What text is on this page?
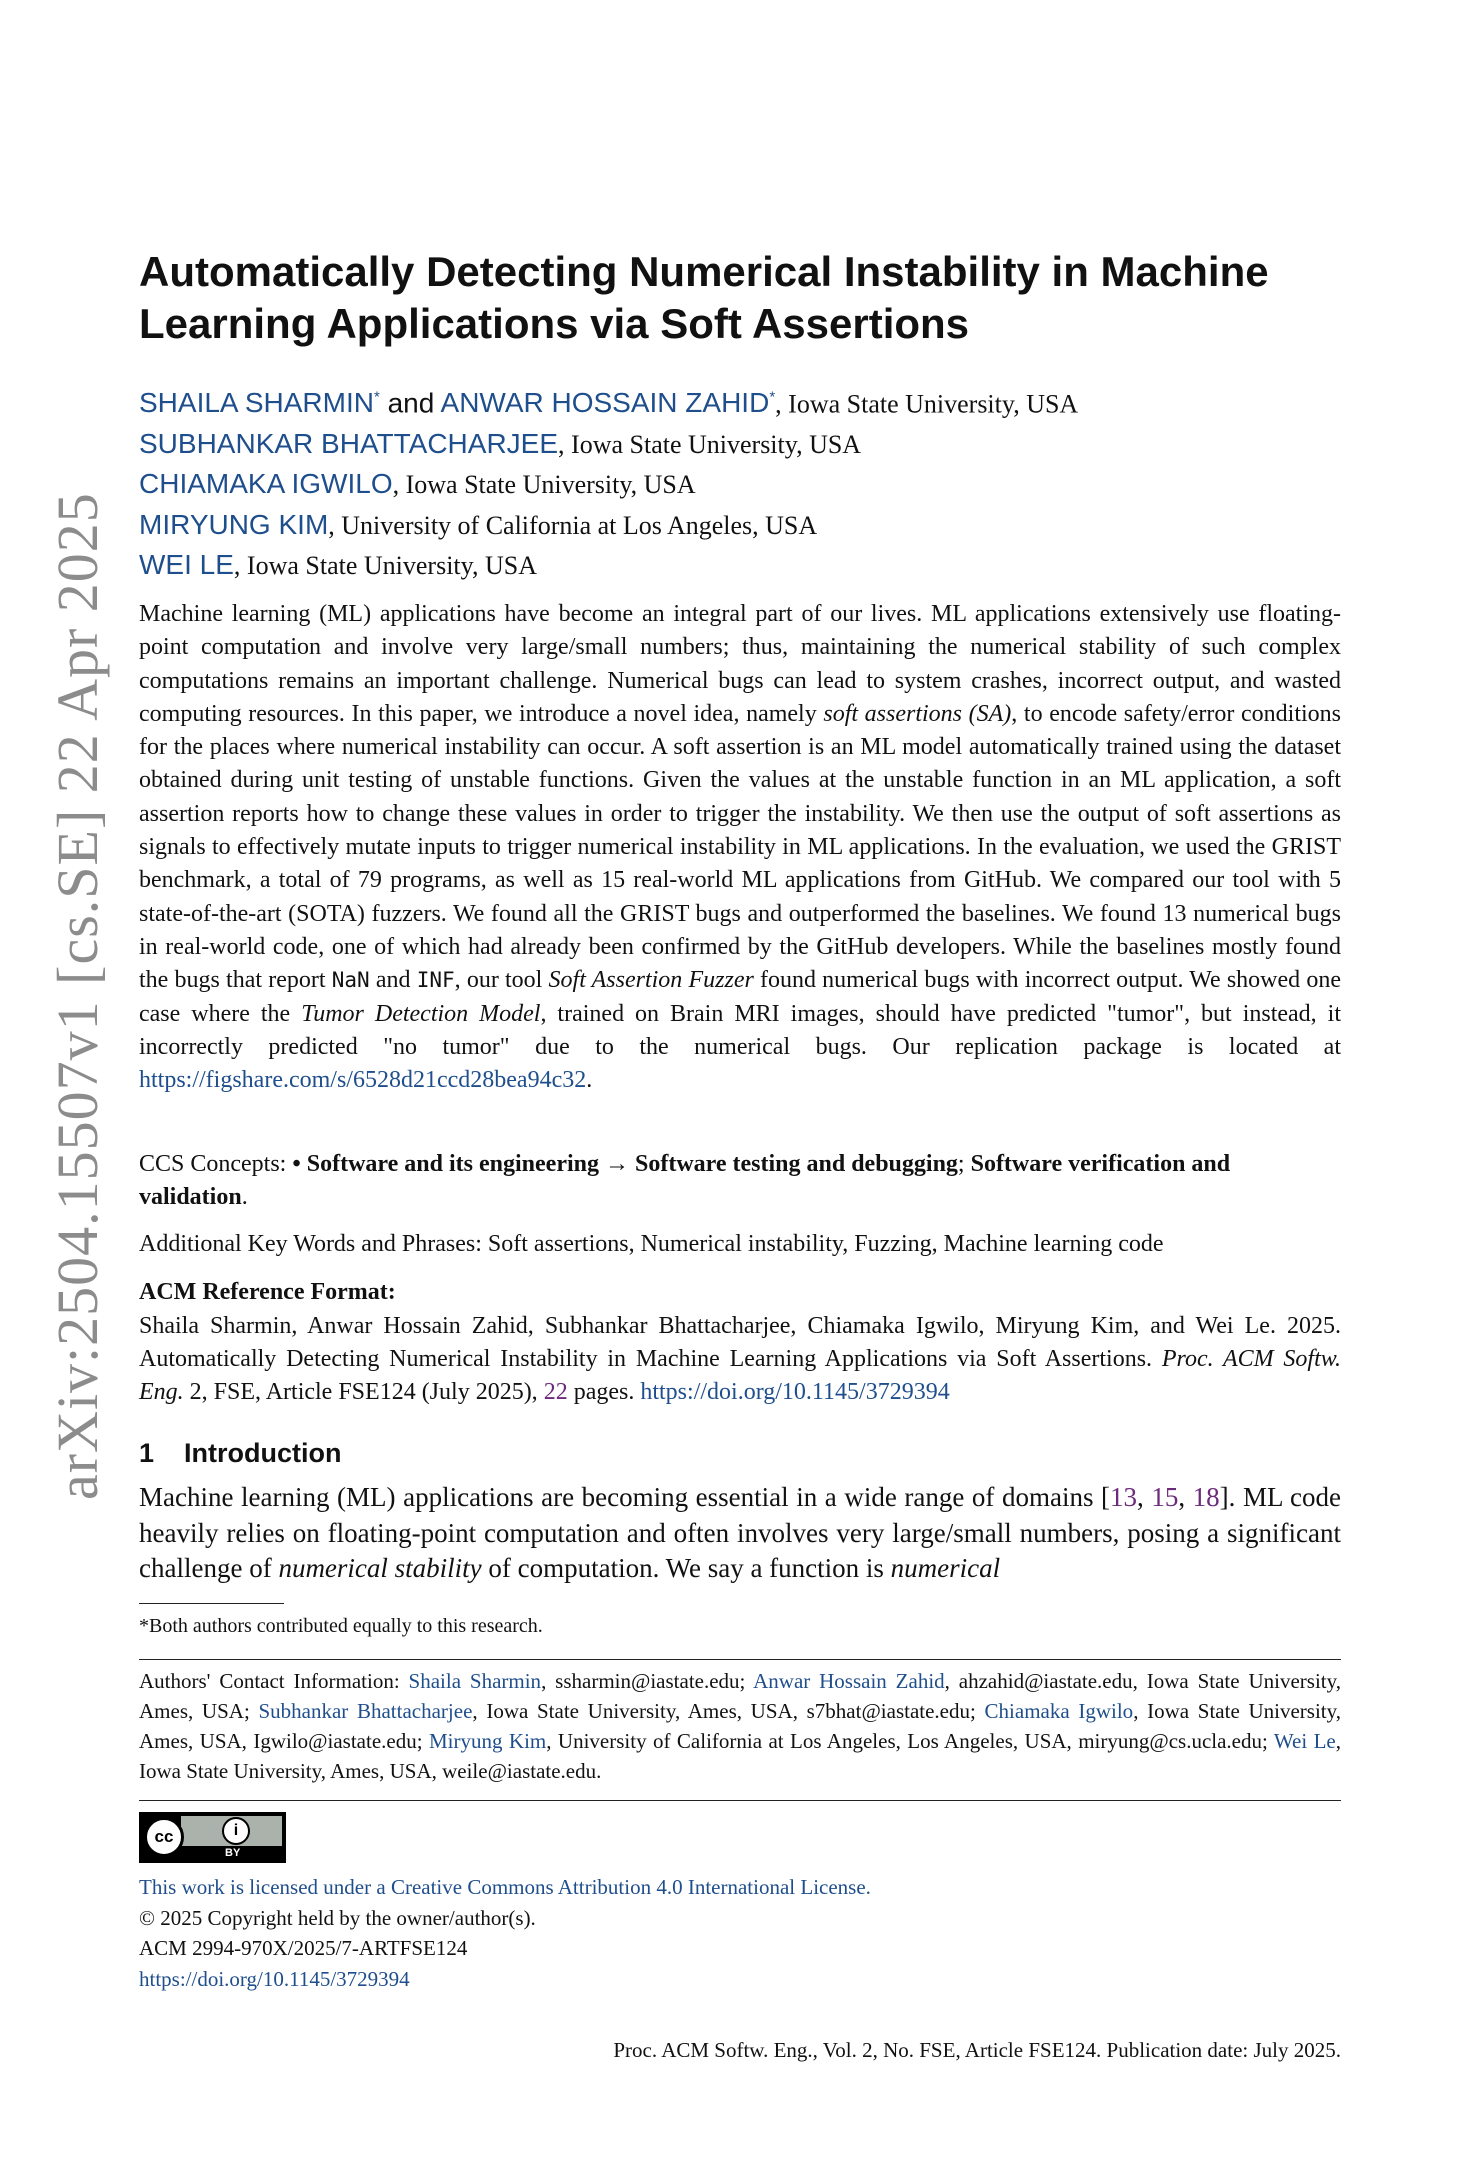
arXiv:2504.15507v1 [cs.SE] 22 Apr 2025
Automatically Detecting Numerical Instability in Machine Learning Applications via Soft Assertions
SHAILA SHARMIN* and ANWAR HOSSAIN ZAHID*, Iowa State University, USA
SUBHANKAR BHATTACHARJEE, Iowa State University, USA
CHIAMAKA IGWILO, Iowa State University, USA
MIRYUNG KIM, University of California at Los Angeles, USA
WEI LE, Iowa State University, USA
Machine learning (ML) applications have become an integral part of our lives. ML applications extensively use floating-point computation and involve very large/small numbers; thus, maintaining the numerical stability of such complex computations remains an important challenge. Numerical bugs can lead to system crashes, incorrect output, and wasted computing resources. In this paper, we introduce a novel idea, namely soft assertions (SA), to encode safety/error conditions for the places where numerical instability can occur. A soft assertion is an ML model automatically trained using the dataset obtained during unit testing of unstable functions. Given the values at the unstable function in an ML application, a soft assertion reports how to change these values in order to trigger the instability. We then use the output of soft assertions as signals to effectively mutate inputs to trigger numerical instability in ML applications. In the evaluation, we used the GRIST benchmark, a total of 79 programs, as well as 15 real-world ML applications from GitHub. We compared our tool with 5 state-of-the-art (SOTA) fuzzers. We found all the GRIST bugs and outperformed the baselines. We found 13 numerical bugs in real-world code, one of which had already been confirmed by the GitHub developers. While the baselines mostly found the bugs that report NaN and INF, our tool Soft Assertion Fuzzer found numerical bugs with incorrect output. We showed one case where the Tumor Detection Model, trained on Brain MRI images, should have predicted "tumor", but instead, it incorrectly predicted "no tumor" due to the numerical bugs. Our replication package is located at https://figshare.com/s/6528d21ccd28bea94c32.
CCS Concepts: • Software and its engineering → Software testing and debugging; Software verification and validation.
Additional Key Words and Phrases: Soft assertions, Numerical instability, Fuzzing, Machine learning code
ACM Reference Format:
Shaila Sharmin, Anwar Hossain Zahid, Subhankar Bhattacharjee, Chiamaka Igwilo, Miryung Kim, and Wei Le. 2025. Automatically Detecting Numerical Instability in Machine Learning Applications via Soft Assertions. Proc. ACM Softw. Eng. 2, FSE, Article FSE124 (July 2025), 22 pages. https://doi.org/10.1145/3729394
1 Introduction
Machine learning (ML) applications are becoming essential in a wide range of domains [13, 15, 18]. ML code heavily relies on floating-point computation and often involves very large/small numbers, posing a significant challenge of numerical stability of computation. We say a function is numerical
*Both authors contributed equally to this research.
Authors' Contact Information: Shaila Sharmin, ssharmin@iastate.edu; Anwar Hossain Zahid, ahzahid@iastate.edu, Iowa State University, Ames, USA; Subhankar Bhattacharjee, Iowa State University, Ames, USA, s7bhat@iastate.edu; Chiamaka Igwilo, Iowa State University, Ames, USA, Igwilo@iastate.edu; Miryung Kim, University of California at Los Angeles, Los Angeles, USA, miryung@cs.ucla.edu; Wei Le, Iowa State University, Ames, USA, weile@iastate.edu.
cc	i
BY
This work is licensed under a Creative Commons Attribution 4.0 International License.
© 2025 Copyright held by the owner/author(s).
ACM 2994-970X/2025/7-ARTFSE124
https://doi.org/10.1145/3729394
Proc. ACM Softw. Eng., Vol. 2, No. FSE, Article FSE124. Publication date: July 2025.
